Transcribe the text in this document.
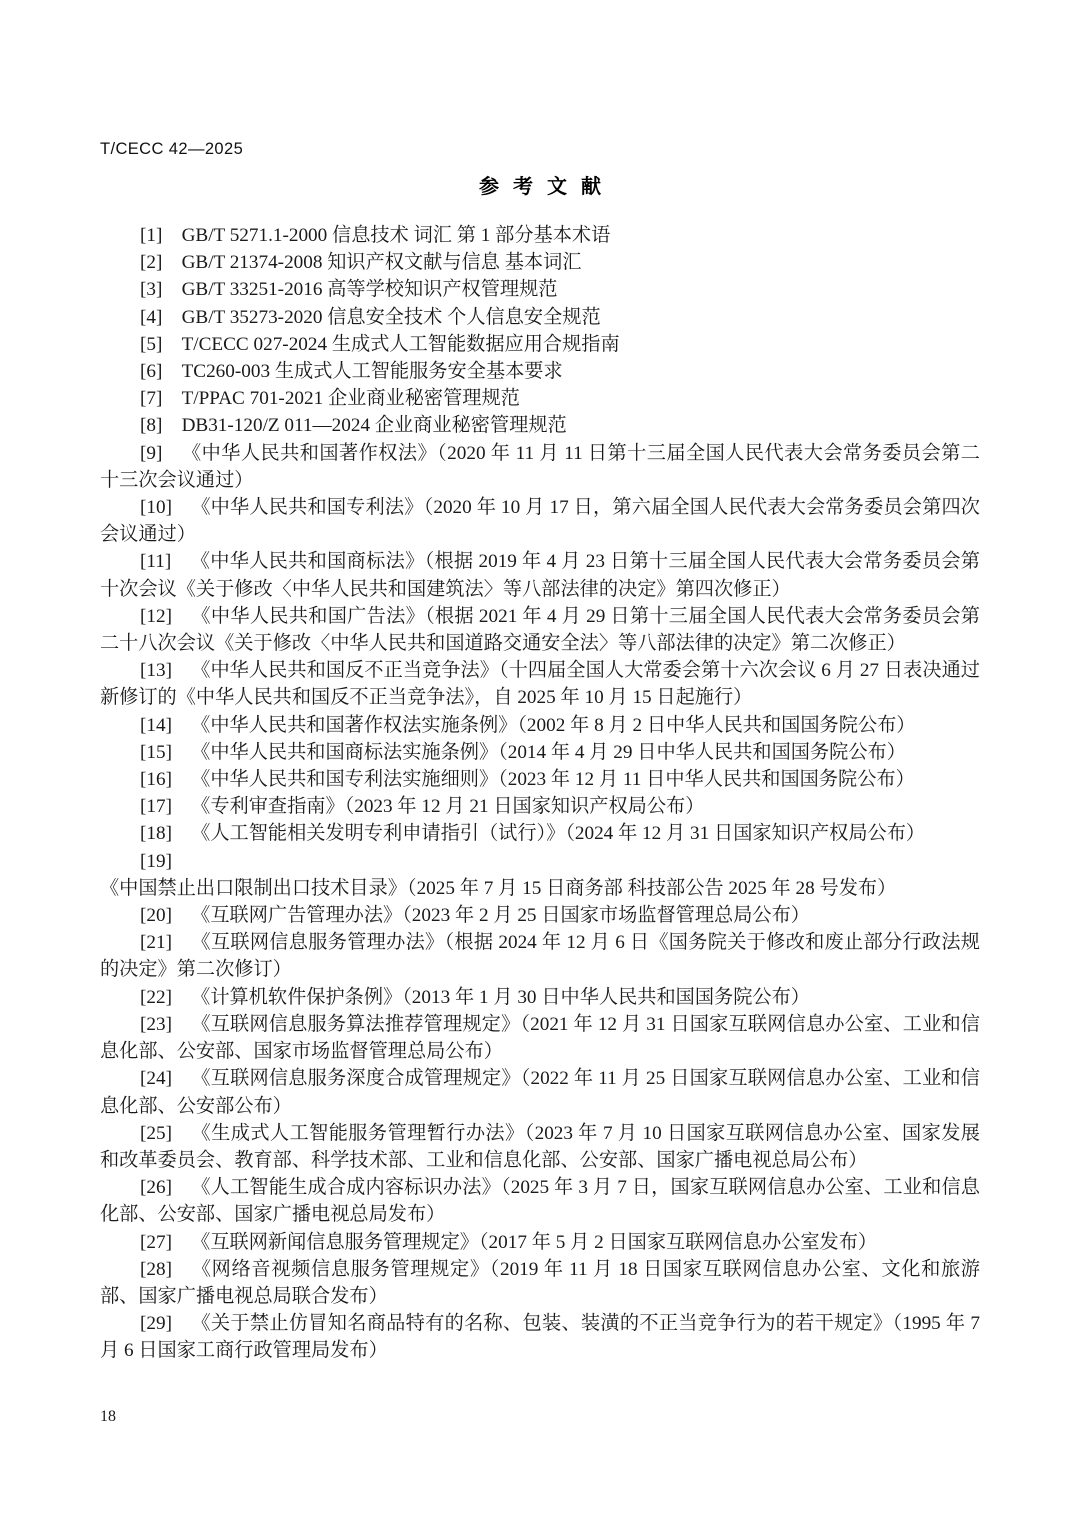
T/CECC 42—2025
参考文献

[1]  GB/T 5271.1-2000 信息技术 词汇 第 1 部分基本术语

[2]  GB/T 21374-2008 知识产权文献与信息 基本词汇

[3]  GB/T 33251-2016 高等学校知识产权管理规范

[4]  GB/T 35273-2020 信息安全技术 个人信息安全规范

[5]  T/CECC 027-2024 生成式人工智能数据应用合规指南

[6]  TC260-003 生成式人工智能服务安全基本要求

[7]  T/PPAC 701-2021 企业商业秘密管理规范

[8]  DB31-120/Z 011—2024 企业商业秘密管理规范

[9]  《中华人民共和国著作权法》（2020 年 11 月 11 日第十三届全国人民代表大会常务委员会第二十三次会议通过）

[10]  《中华人民共和国专利法》（2020 年 10 月 17 日，第六届全国人民代表大会常务委员会第四次会议通过）

[11]  《中华人民共和国商标法》（根据 2019 年 4 月 23 日第十三届全国人民代表大会常务委员会第十次会议《关于修改〈中华人民共和国建筑法〉等八部法律的决定》第四次修正）

[12]  《中华人民共和国广告法》（根据 2021 年 4 月 29 日第十三届全国人民代表大会常务委员会第二十八次会议《关于修改〈中华人民共和国道路交通安全法〉等八部法律的决定》第二次修正）

[13]  《中华人民共和国反不正当竞争法》（十四届全国人大常委会第十六次会议 6 月 27 日表决通过新修订的《中华人民共和国反不正当竞争法》，自 2025 年 10 月 15 日起施行）

[14]  《中华人民共和国著作权法实施条例》（2002 年 8 月 2 日中华人民共和国国务院公布）

[15]  《中华人民共和国商标法实施条例》（2014 年 4 月 29 日中华人民共和国国务院公布）

[16]  《中华人民共和国专利法实施细则》（2023 年 12 月 11 日中华人民共和国国务院公布）

[17]  《专利审查指南》（2023 年 12 月 21 日国家知识产权局公布）

[18]  《人工智能相关发明专利申请指引（试行）》（2024 年 12 月 31 日国家知识产权局公布）

[19] 《中国禁止出口限制出口技术目录》（2025 年 7 月 15 日商务部 科技部公告 2025 年 28 号发布）

[20]  《互联网广告管理办法》（2023 年 2 月 25 日国家市场监督管理总局公布）

[21]  《互联网信息服务管理办法》（根据 2024 年 12 月 6 日《国务院关于修改和废止部分行政法规的决定》第二次修订）

[22]  《计算机软件保护条例》（2013 年 1 月 30 日中华人民共和国国务院公布）

[23]  《互联网信息服务算法推荐管理规定》（2021 年 12 月 31 日国家互联网信息办公室、工业和信息化部、公安部、国家市场监督管理总局公布）

[24]  《互联网信息服务深度合成管理规定》（2022 年 11 月 25 日国家互联网信息办公室、工业和信息化部、公安部公布）

[25]  《生成式人工智能服务管理暂行办法》（2023 年 7 月 10 日国家互联网信息办公室、国家发展和改革委员会、教育部、科学技术部、工业和信息化部、公安部、国家广播电视总局公布）

[26]  《人工智能生成合成内容标识办法》（2025 年 3 月 7 日，国家互联网信息办公室、工业和信息化部、公安部、国家广播电视总局发布）

[27]  《互联网新闻信息服务管理规定》（2017 年 5 月 2 日国家互联网信息办公室发布）

[28]  《网络音视频信息服务管理规定》（2019 年 11 月 18 日国家互联网信息办公室、文化和旅游部、国家广播电视总局联合发布）

[29]  《关于禁止仿冒知名商品特有的名称、包装、装潢的不正当竞争行为的若干规定》（1995 年 7 月 6 日国家工商行政管理局发布）

18
